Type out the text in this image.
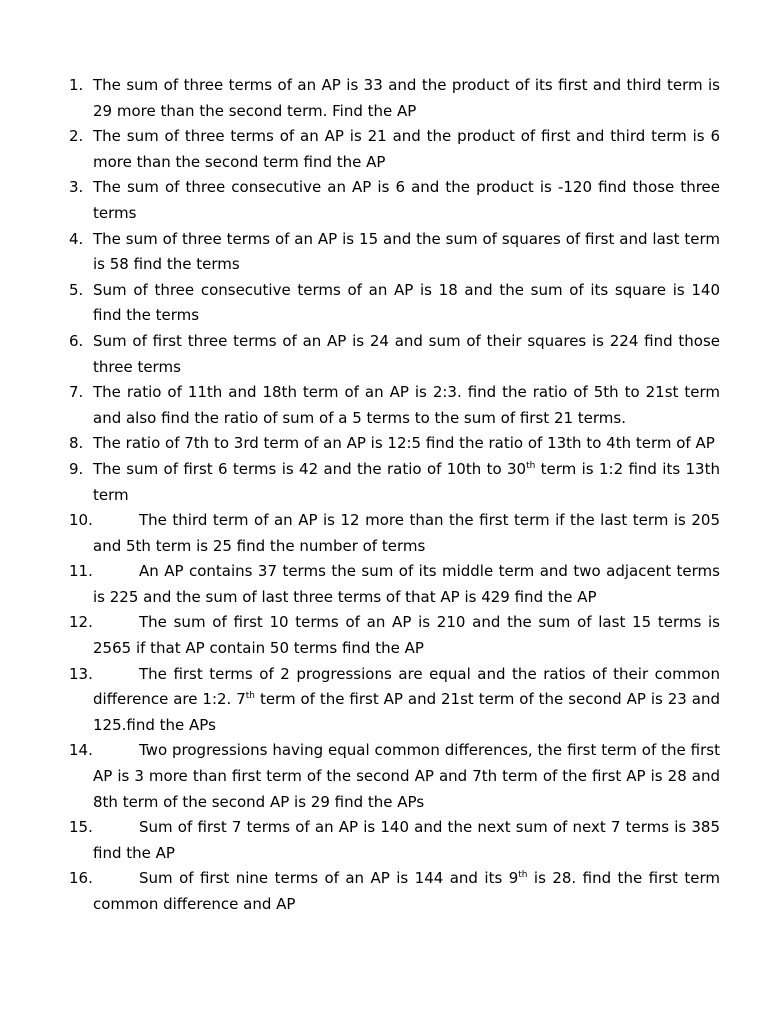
1. The sum of three terms of an AP is 33 and the product of its first and third term is 29 more than the second term. Find the AP
2. The sum of three terms of an AP is 21 and the product of first and third term is 6 more than the second term find the AP
3. The sum of three consecutive an AP is 6 and the product is -120 find those three terms
4. The sum of three terms of an AP is 15 and the sum of squares of first and last term is 58 find the terms
5. Sum of three consecutive terms of an AP is 18 and the sum of its square is 140 find the terms
6. Sum of first three terms of an AP is 24 and sum of their squares is 224 find those three terms
7. The ratio of 11th and 18th term of an AP is 2:3. find the ratio of 5th to 21st term and also find the ratio of sum of a 5 terms to the sum of first 21 terms.
8. The ratio of 7th to 3rd term of an AP is 12:5 find the ratio of 13th to 4th term of AP
9. The sum of first 6 terms is 42 and the ratio of 10th to 30th term is 1:2 find its 13th term
10.	The third term of an AP is 12 more than the first term if the last term is 205 and 5th term is 25 find the number of terms
11.	An AP contains 37 terms the sum of its middle term and two adjacent terms is 225 and the sum of last three terms of that AP is 429 find the AP
12.	The sum of first 10 terms of an AP is 210 and the sum of last 15 terms is 2565 if that AP contain 50 terms find the AP
13.	The first terms of 2 progressions are equal and the ratios of their common difference are 1:2. 7th term of the first AP and 21st term of the second AP is 23 and 125.find the APs
14.	Two progressions having equal common differences, the first term of the first AP is 3 more than first term of the second AP and 7th term of the first AP is 28 and 8th term of the second AP is 29 find the APs
15.	Sum of first 7 terms of an AP is 140 and the next sum of next 7 terms is 385 find the AP
16.	Sum of first nine terms of an AP is 144 and its 9th is 28. find the first term common difference and AP
